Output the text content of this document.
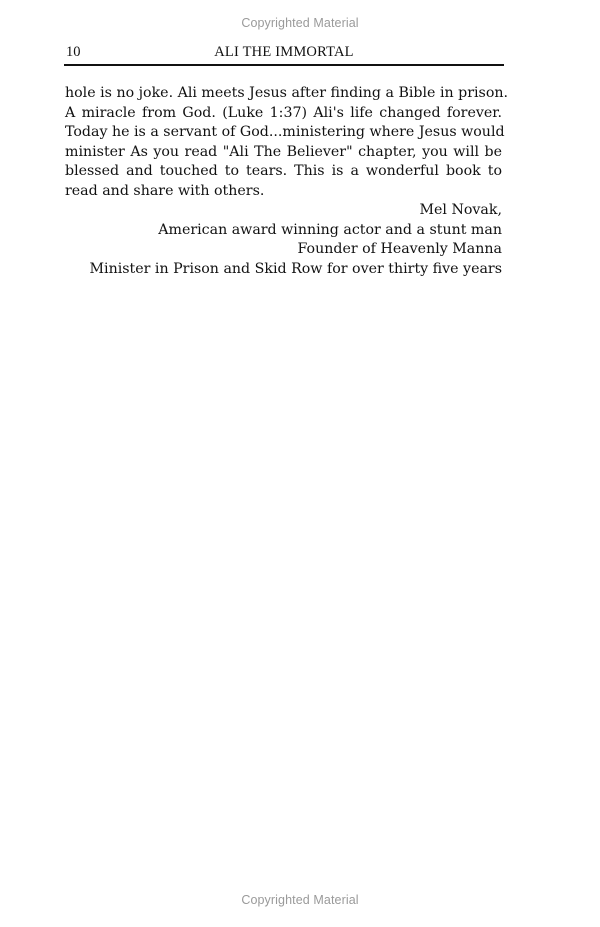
Copyrighted Material
10	ALI THE IMMORTAL
hole is no joke. Ali meets Jesus after finding a Bible in prison.
A miracle from God. (Luke 1:37) Ali's life changed forever.
Today he is a servant of God...ministering where Jesus would
minister As you read "Ali The Believer" chapter, you will be
blessed and touched to tears. This is a wonderful book to
read and share with others.
Mel Novak,
American award winning actor and a stunt man
Founder of Heavenly Manna
Minister in Prison and Skid Row for over thirty five years
Copyrighted Material
